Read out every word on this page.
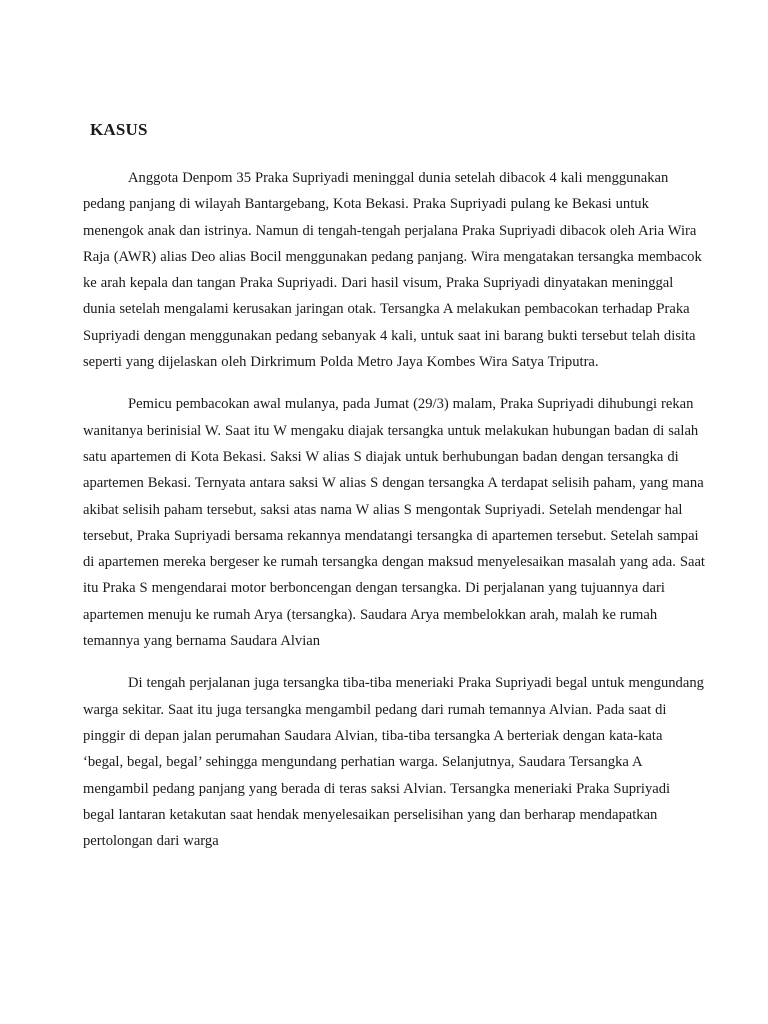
KASUS

Anggota Denpom 35 Praka Supriyadi meninggal dunia setelah dibacok 4 kali menggunakan pedang panjang di wilayah Bantargebang, Kota Bekasi. Praka Supriyadi pulang ke Bekasi untuk menengok anak dan istrinya. Namun di tengah-tengah perjalana Praka Supriyadi dibacok oleh Aria Wira Raja (AWR) alias Deo alias Bocil menggunakan pedang panjang. Wira mengatakan tersangka membacok ke arah kepala dan tangan Praka Supriyadi. Dari hasil visum, Praka Supriyadi dinyatakan meninggal dunia setelah mengalami kerusakan jaringan otak. Tersangka A melakukan pembacokan terhadap Praka Supriyadi dengan menggunakan pedang sebanyak 4 kali, untuk saat ini barang bukti tersebut telah disita seperti yang dijelaskan oleh Dirkrimum Polda Metro Jaya Kombes Wira Satya Triputra.

Pemicu pembacokan awal mulanya, pada Jumat (29/3) malam, Praka Supriyadi dihubungi rekan wanitanya berinisial W. Saat itu W mengaku diajak tersangka untuk melakukan hubungan badan di salah satu apartemen di Kota Bekasi. Saksi W alias S diajak untuk berhubungan badan dengan tersangka di apartemen Bekasi. Ternyata antara saksi W alias S dengan tersangka A terdapat selisih paham, yang mana akibat selisih paham tersebut, saksi atas nama W alias S mengontak Supriyadi. Setelah mendengar hal tersebut, Praka Supriyadi bersama rekannya mendatangi tersangka di apartemen tersebut. Setelah sampai di apartemen mereka bergeser ke rumah tersangka dengan maksud menyelesaikan masalah yang ada. Saat itu Praka S mengendarai motor berboncengan dengan tersangka. Di perjalanan yang tujuannya dari apartemen menuju ke rumah Arya (tersangka). Saudara Arya membelokkan arah, malah ke rumah temannya yang bernama Saudara Alvian

Di tengah perjalanan juga tersangka tiba-tiba meneriaki Praka Supriyadi begal untuk mengundang warga sekitar. Saat itu juga tersangka mengambil pedang dari rumah temannya Alvian. Pada saat di pinggir di depan jalan perumahan Saudara Alvian, tiba-tiba tersangka A berteriak dengan kata-kata ‘begal, begal, begal’ sehingga mengundang perhatian warga. Selanjutnya, Saudara Tersangka A mengambil pedang panjang yang berada di teras saksi Alvian. Tersangka meneriaki Praka Supriyadi begal lantaran ketakutan saat hendak menyelesaikan perselisihan yang dan berharap mendapatkan pertolongan dari warga
